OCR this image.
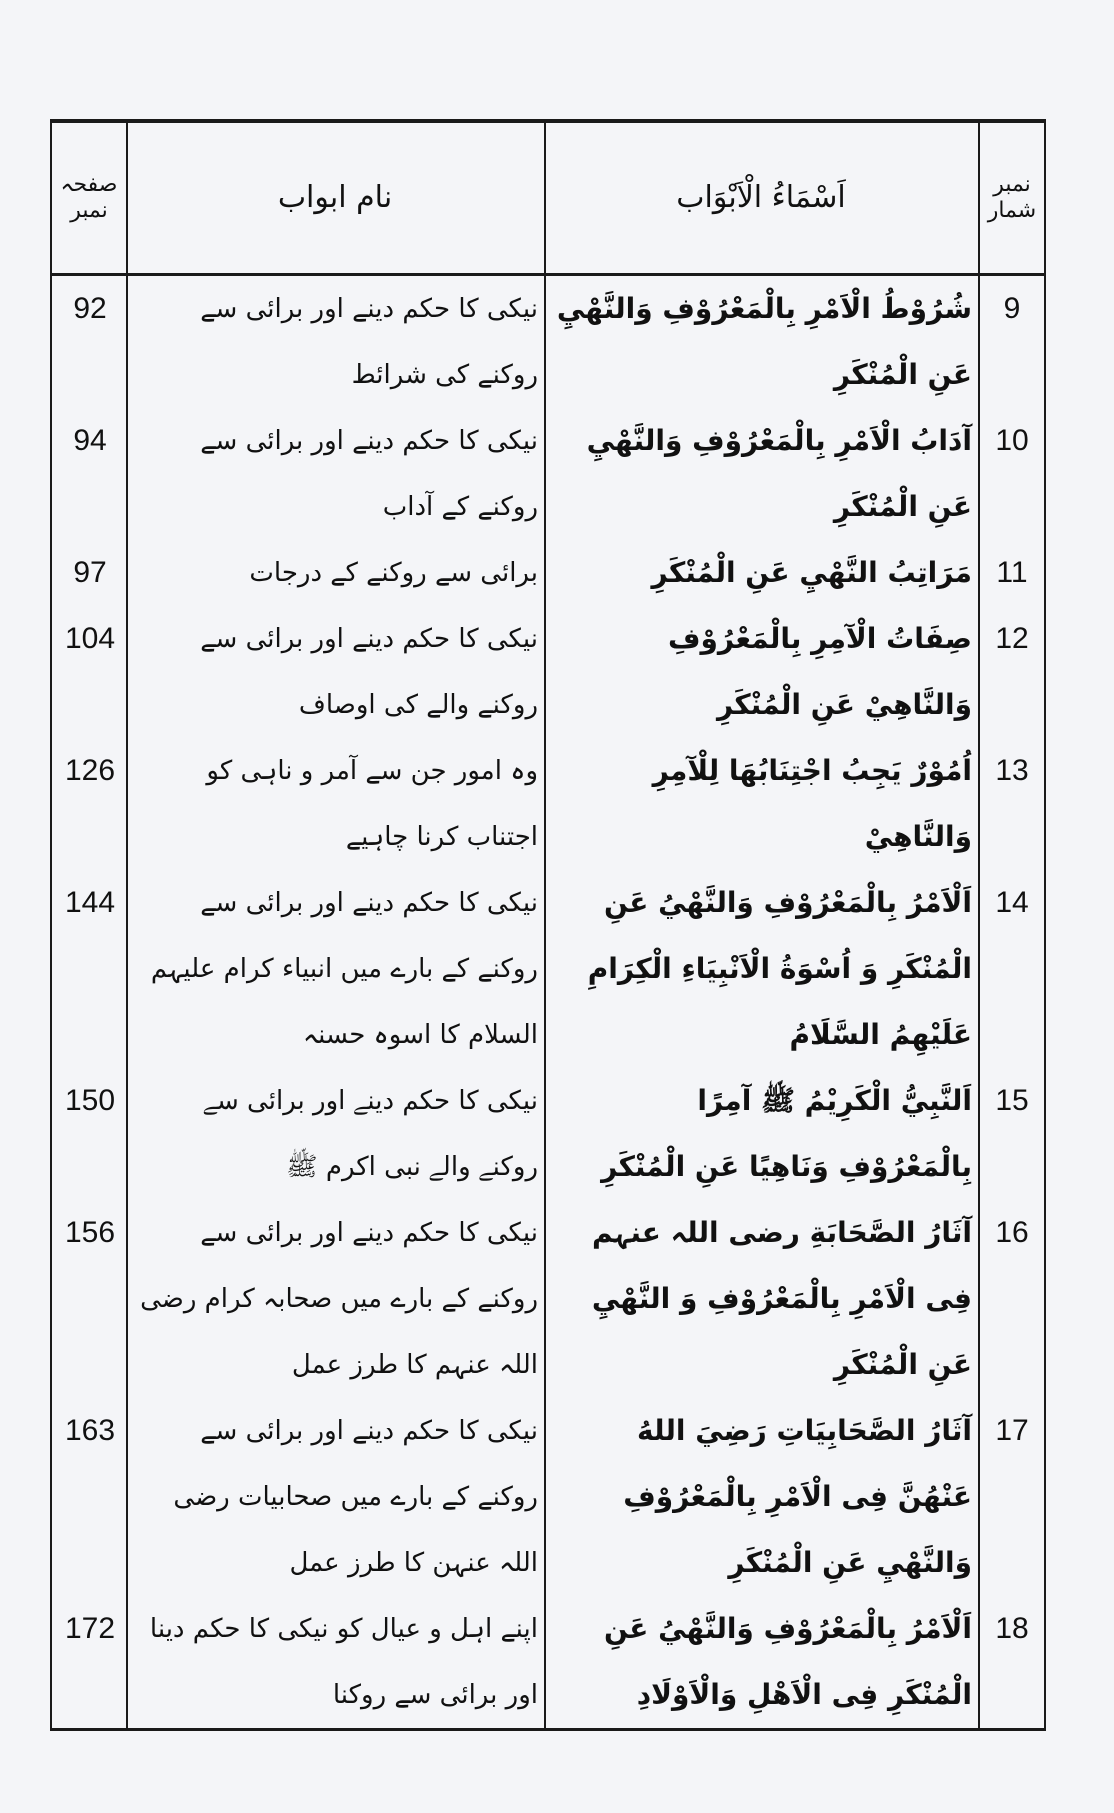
نمبر شمار
اَسْمَاءُ الْاَبْوَاب
نام ابواب
صفحہ نمبر
9
شُرُوْطُ الْاَمْرِ بِالْمَعْرُوْفِ وَالنَّهْيِ عَنِ الْمُنْكَرِ
نیکی کا حکم دینے اور برائی سے روکنے کی شرائط
92
10
آدَابُ الْاَمْرِ بِالْمَعْرُوْفِ وَالنَّهْيِ عَنِ الْمُنْكَرِ
نیکی کا حکم دینے اور برائی سے روکنے کے آداب
94
11
مَرَاتِبُ النَّهْيِ عَنِ الْمُنْكَرِ
برائی سے روکنے کے درجات
97
12
صِفَاتُ الْآمِرِ بِالْمَعْرُوْفِ وَالنَّاهِيْ عَنِ الْمُنْكَرِ
نیکی کا حکم دینے اور برائی سے روکنے والے کی اوصاف
104
13
اُمُوْرٌ يَجِبُ اجْتِنَابُهَا لِلْآمِرِ وَالنَّاهِيْ
وہ امور جن سے آمر و ناہی کو اجتناب کرنا چاہیے
126
14
اَلْاَمْرُ بِالْمَعْرُوْفِ وَالنَّهْيُ عَنِ الْمُنْكَرِ وَ اُسْوَةُ الْاَنْبِيَاءِ الْكِرَامِ عَلَيْهِمُ السَّلَامُ
نیکی کا حکم دینے اور برائی سے روکنے کے بارے میں انبیاء کرام علیہم السلام کا اسوہ حسنہ
144
15
اَلنَّبِيُّ الْكَرِيْمُ ﷺ آمِرًا بِالْمَعْرُوْفِ وَنَاهِيًا عَنِ الْمُنْكَرِ
نیکی کا حکم دینے اور برائی سے روکنے والے نبی اکرم ﷺ
150
16
آثَارُ الصَّحَابَةِ رضی اللہ عنہم فِی الْاَمْرِ بِالْمَعْرُوْفِ وَ النَّهْيِ عَنِ الْمُنْكَرِ
نیکی کا حکم دینے اور برائی سے روکنے کے بارے میں صحابہ کرام رضی اللہ عنہم کا طرز عمل
156
17
آثَارُ الصَّحَابِيَاتِ رَضِيَ اللهُ عَنْهُنَّ فِی الْاَمْرِ بِالْمَعْرُوْفِ وَالنَّهْيِ عَنِ الْمُنْكَرِ
نیکی کا حکم دینے اور برائی سے روکنے کے بارے میں صحابیات رضی اللہ عنہن کا طرز عمل
163
18
اَلْاَمْرُ بِالْمَعْرُوْفِ وَالنَّهْيُ عَنِ الْمُنْكَرِ فِی الْاَهْلِ وَالْاَوْلَادِ
اپنے اہل و عیال کو نیکی کا حکم دینا اور برائی سے روکنا
172
